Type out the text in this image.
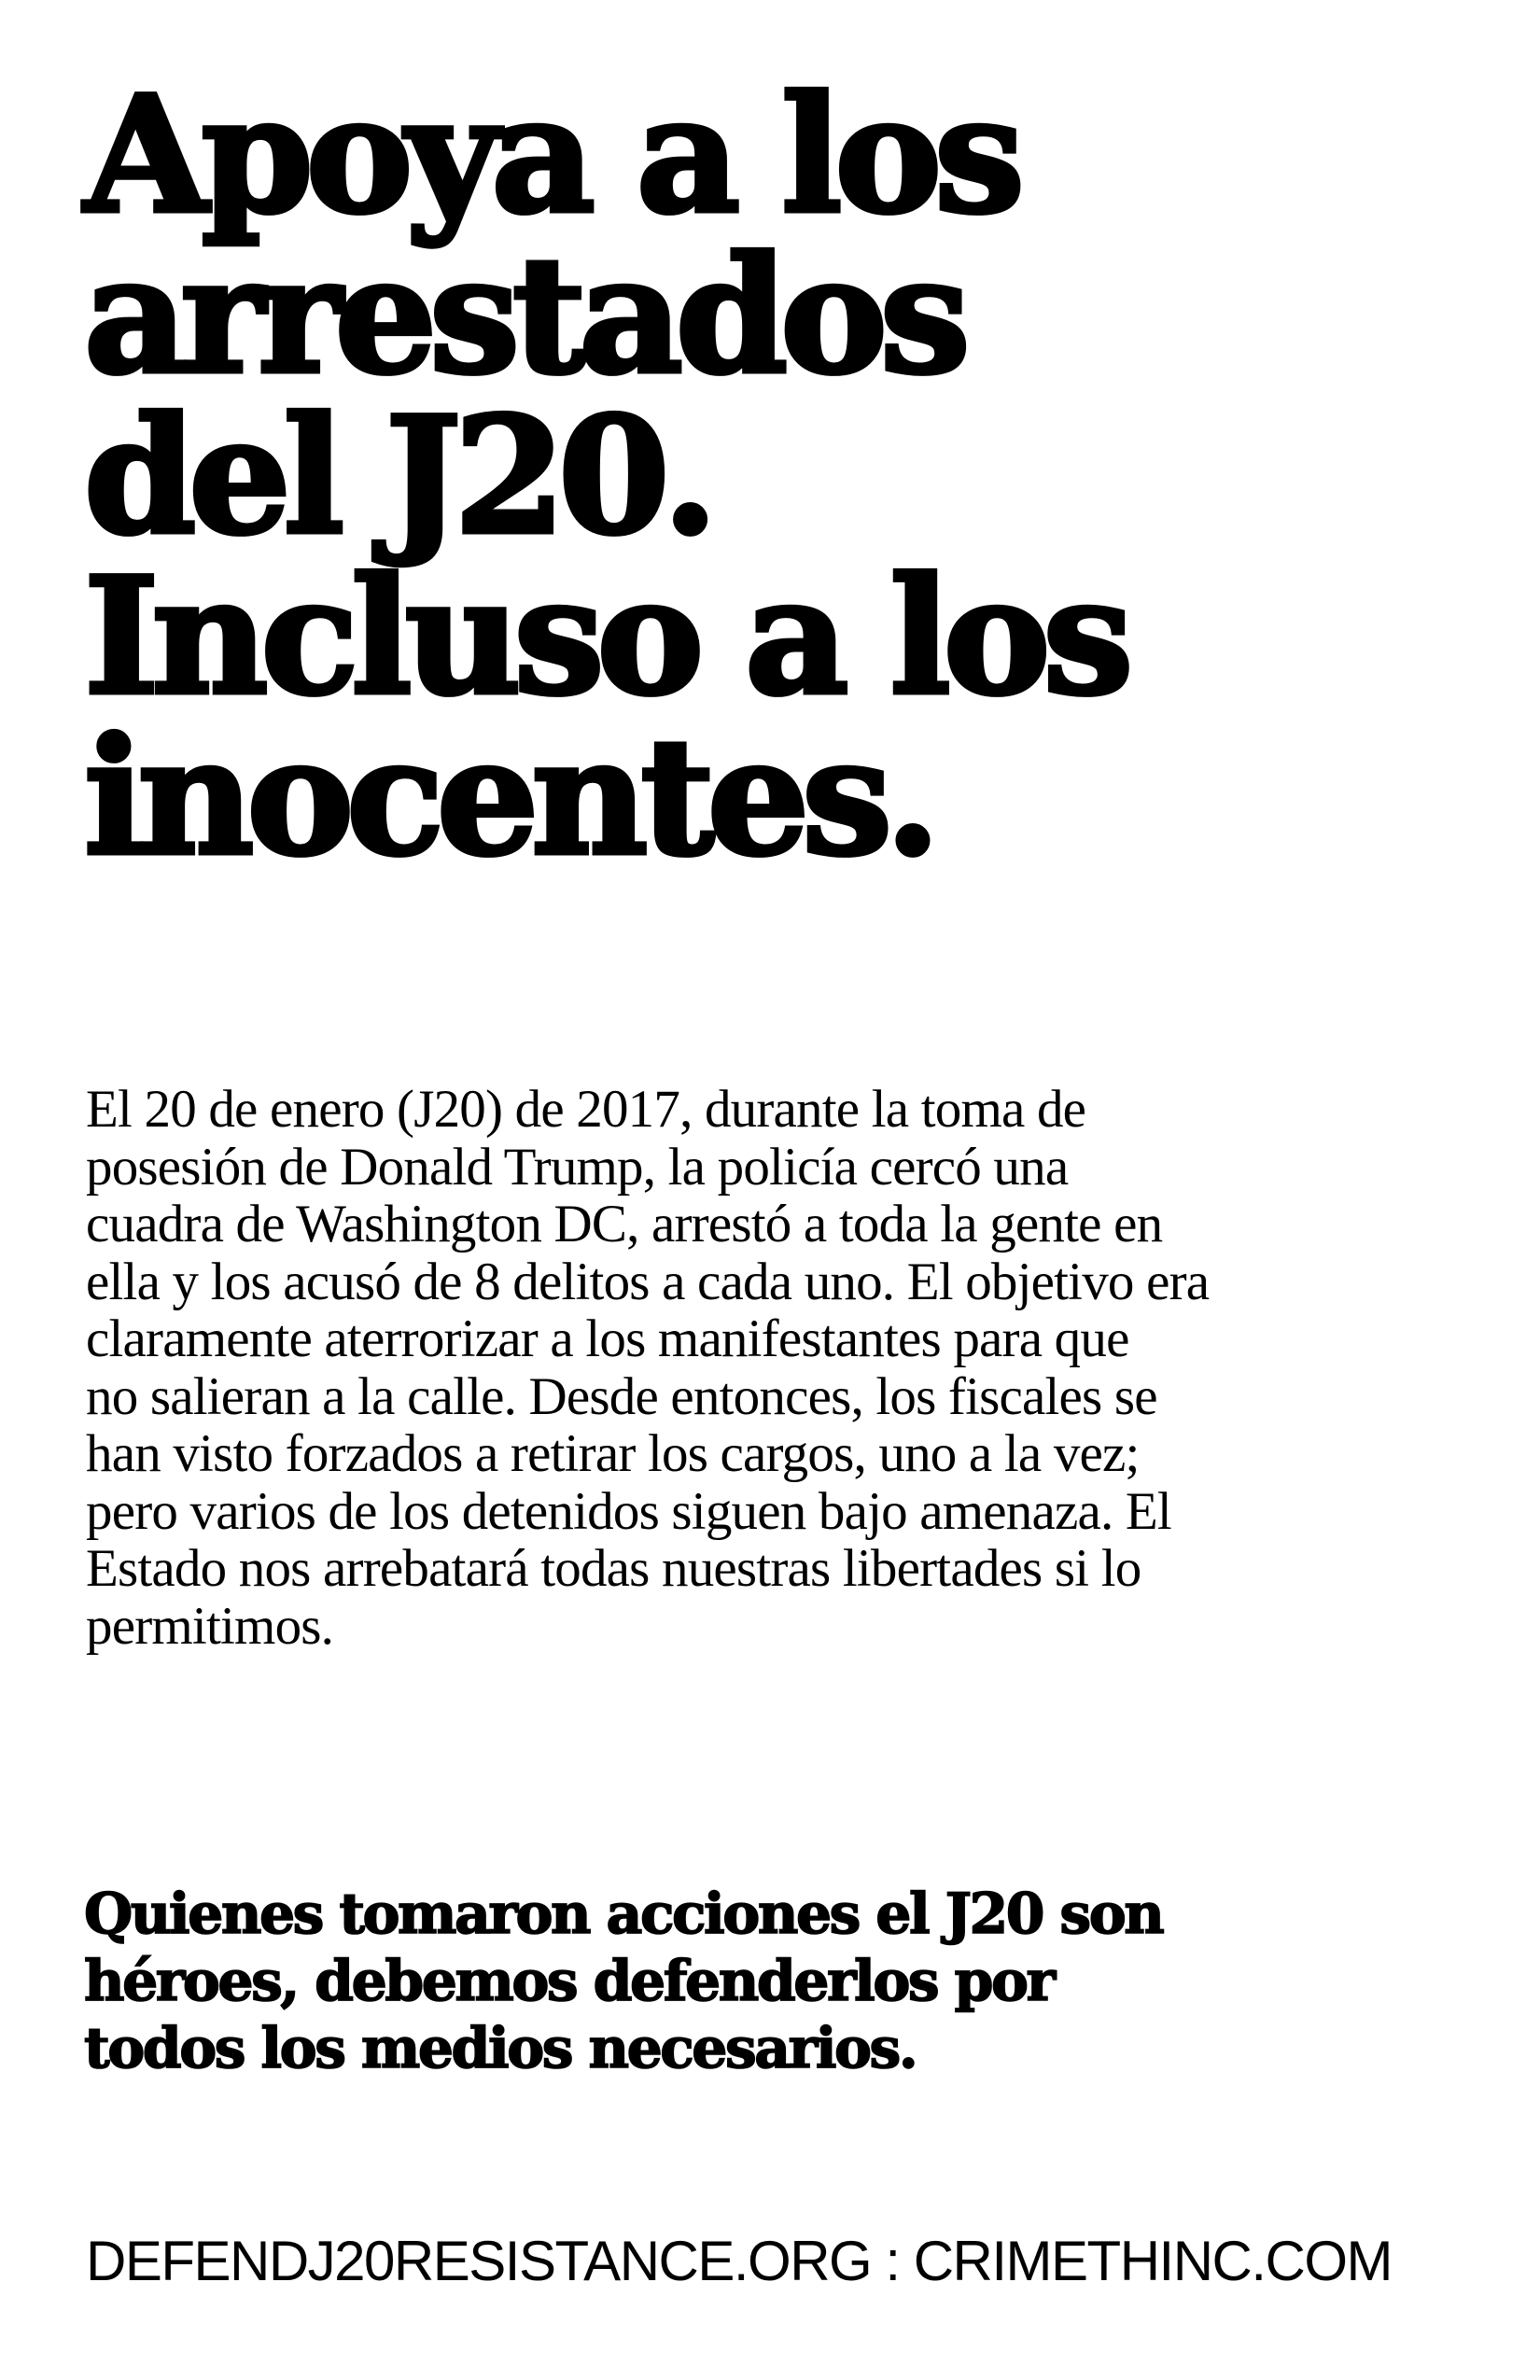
Apoya a los
arrestados
del J20.
Incluso a los
inocentes.

El 20 de enero (J20) de 2017, durante la toma de
posesión de Donald Trump, la policía cercó una
cuadra de Washington DC, arrestó a toda la gente en
ella y los acusó de 8 delitos a cada uno. El objetivo era
claramente aterrorizar a los manifestantes para que
no salieran a la calle. Desde entonces, los fiscales se
han visto forzados a retirar los cargos, uno a la vez;
pero varios de los detenidos siguen bajo amenaza. El
Estado nos arrebatará todas nuestras libertades si lo
permitimos.

Quienes tomaron acciones el J20 son
héroes, debemos defenderlos por
todos los medios necesarios.

DEFENDJ20RESISTANCE.ORG : CRIMETHINC.COM
